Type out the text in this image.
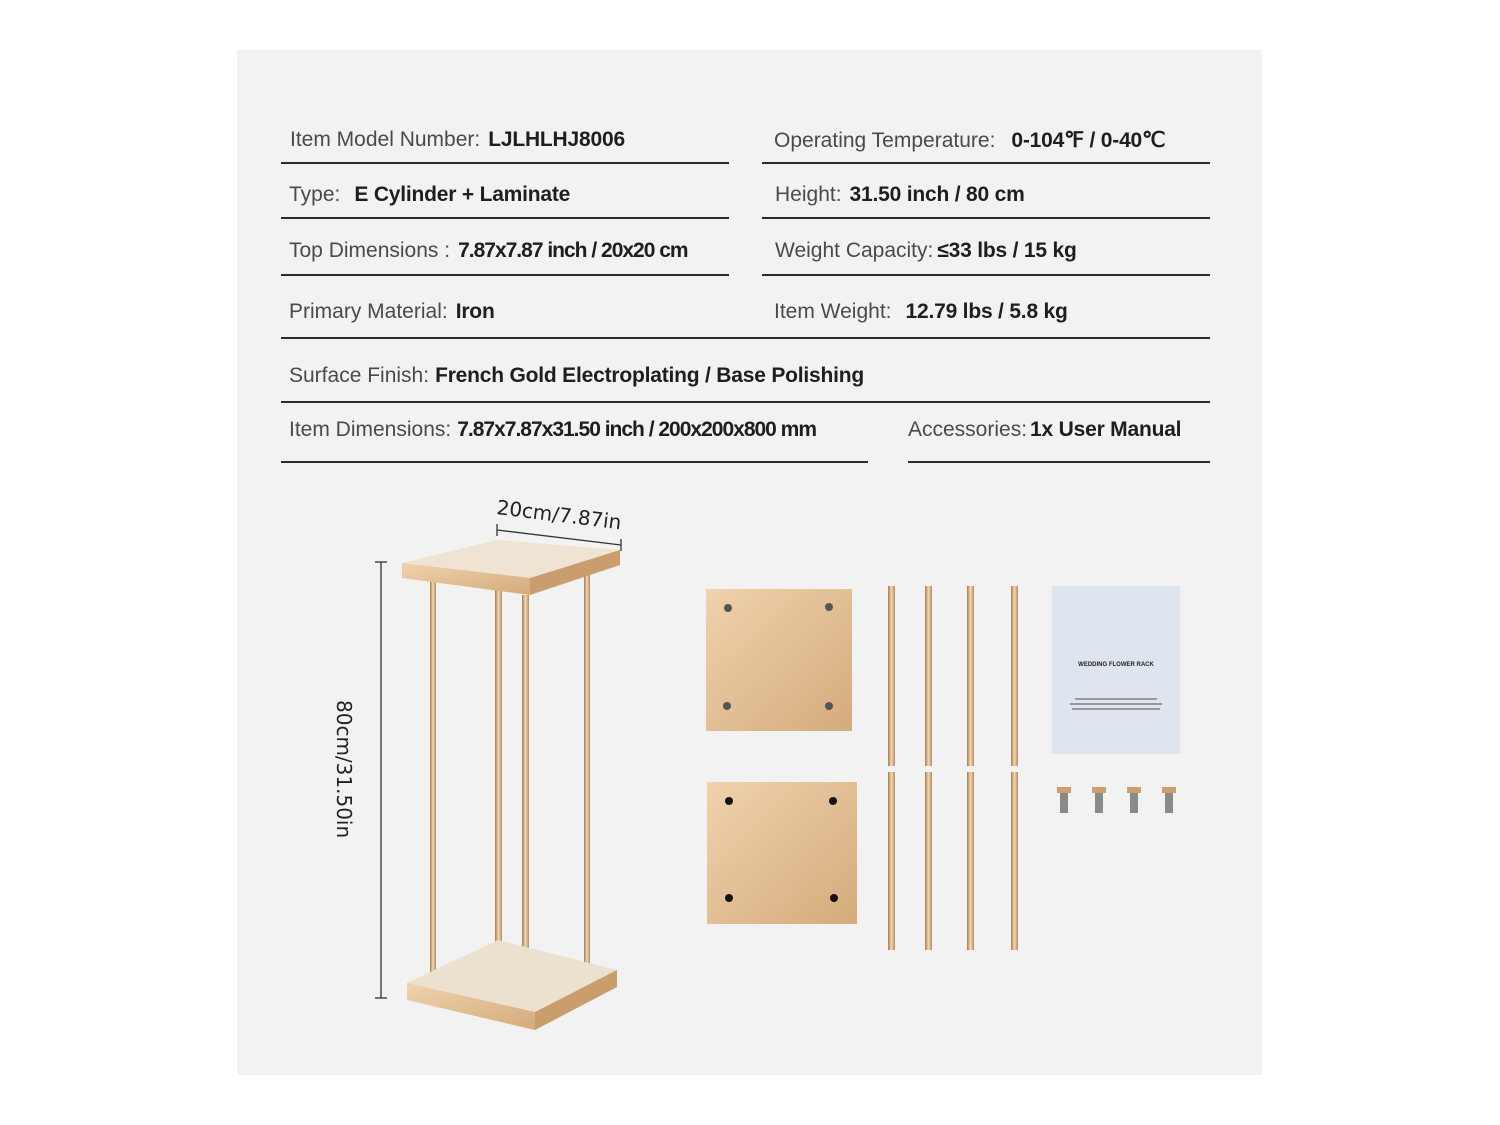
Item Model Number: LJLHLHJ8006	Operating Temperature: 0-104℉ / 0-40℃
Type: E Cylinder + Laminate	Height: 31.50 inch / 80 cm
Top Dimensions : 7.87x7.87 inch / 20x20 cm	Weight Capacity: ≤33 lbs / 15 kg
Primary Material: Iron	Item Weight: 12.79 lbs / 5.8 kg
Surface Finish: French Gold Electroplating / Base Polishing
Item Dimensions: 7.87x7.87x31.50 inch / 200x200x800 mm	Accessories: 1x User Manual
20cm/7.87in
80cm/31.50in
WEDDING FLOWER RACK
